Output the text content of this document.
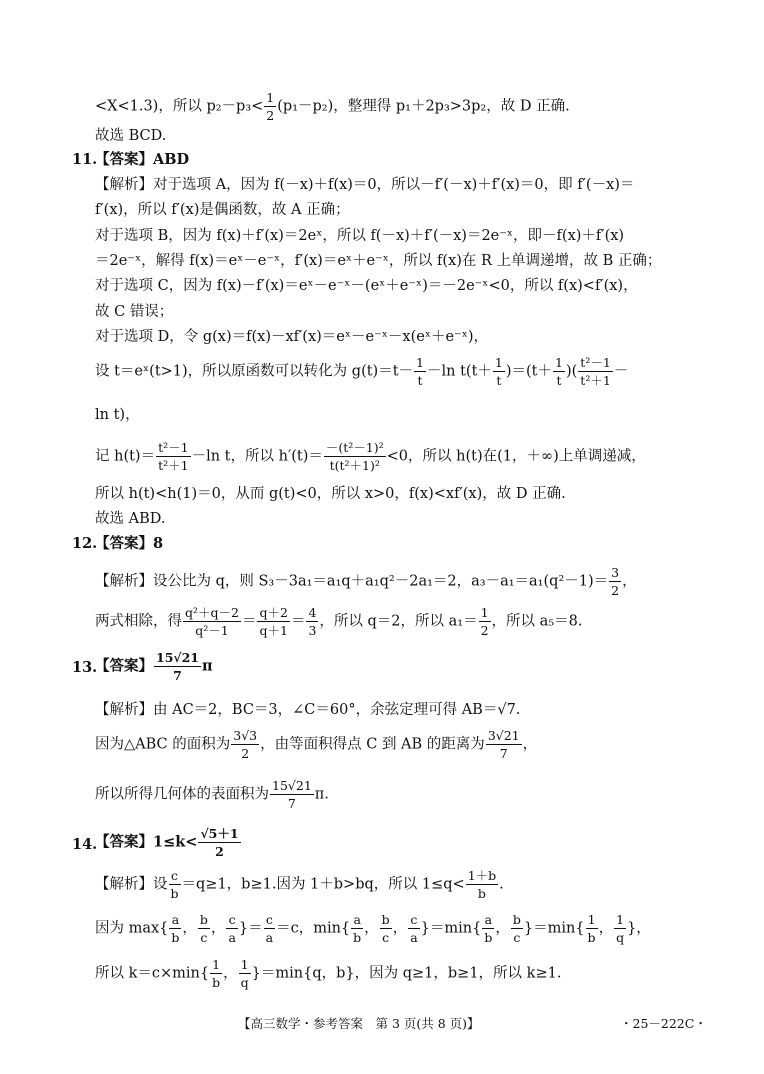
<X<1.3)，所以 $p_2-p_3< \frac{1}{2} (p_1-p_2)$，整理得 p₁＋2p₃>3p₂，故 D 正确.
故选 BCD.
11.
【答案】ABD
【解析】对于选项 A，因为 f(－x)＋f(x)＝0，所以－f′(－x)＋f′(x)＝0，即 f′(－x)＝
f′(x)，所以 f′(x)是偶函数，故 A 正确；
对于选项 B，因为 f(x)＋f′(x)＝2eˣ，所以 f(－x)＋f′(－x)＝2e⁻ˣ，即－f(x)＋f′(x)
＝2e⁻ˣ，解得 f(x)＝eˣ－e⁻ˣ，f′(x)＝eˣ＋e⁻ˣ，所以 f(x)在 R 上单调递增，故 B 正确；
对于选项 C，因为 f(x)－f′(x)＝eˣ－e⁻ˣ－(eˣ＋e⁻ˣ)＝－2e⁻ˣ<0，所以 f(x)<f′(x)，
故 C 错误；
对于选项 D，令 g(x)＝f(x)－xf′(x)＝eˣ－e⁻ˣ－x(eˣ＋e⁻ˣ)，
设 t＝eˣ(t>1)，所以原函数可以转化为 $g(t)=t- \frac{1}{t} -\ln$ $t(t+ \frac{1}{t} )=(t+ \frac{1}{t}$ )( $\frac{\text{t²－1}}{\text{t²＋1}}$ －
ln t)，
记 $h(t)= \frac{\text{t²－1}}{\text{t²＋1}} -\ln$ t，所以 $h'(t)= \frac{\text{－(t²－1)²}}{\text{t(t²＋1)²}} <0$，所以 h(t)在(1，＋∞)上单调递减，
所以 h(t)<h(1)＝0，从而 g(t)<0，所以 x>0，f(x)<xf′(x)，故 D 正确.
故选 ABD.
12.
【答案】8
【解析】设公比为 q，则 S₃－3a₁＝a₁q＋a₁q²－2a₁＝2，$a_3-a_1=a_1(q^2-1)= \frac{3}{2}$ ，
两式相除，得 $\frac{\text{q²＋q－2}}{\text{q²－1}} = \frac{q+2}{q+1} = \frac{4}{3}$ ，所以 q＝2，所以 $a_1= \frac{1}{2}$ ，所以 a₅＝8.
13.
【答案】 $\frac{15√21}{7}$ π
【解析】由 AC＝2，BC＝3，∠C＝60°，余弦定理可得 AB＝√7.
因为△ABC 的面积为 $\frac{3√3}{2}$ ，由等面积得点 C 到 AB 的距离为 $\frac{3√21}{7}$ ，
所以所得几何体的表面积为 $\frac{15√21}{7} \pi$.
14.
【答案】$1\le k< \frac{√5+1}{2}$
【解析】设 $\frac{c}{b} =q\ge 1$，b≥1.因为 1＋b>bq，所以 $1\le q< \frac{1+b}{b}$ .
因为 $\max\{ \frac{a}{b}$ ， $\frac{b}{c}$ ， $\frac{c}{a}$ }＝ $\frac{c}{a} =c$，$\min\{ \frac{a}{b}$ ， $\frac{b}{c}$ ， $\frac{c}{a} \}=\min\{ \frac{a}{b}$ ， $\frac{b}{c} \}=\min\{ \frac{1}{b}$ ， $\frac{1}{q}$ }，
所以 $k=c\times\min\{ \frac{1}{b}$ ， $\frac{1}{q} \}=\min\{q$，b}，因为 q≥1，b≥1，所以 k≥1.
【高三数学・参考答案　第 3 页(共 8 页)】	・25－222C・
